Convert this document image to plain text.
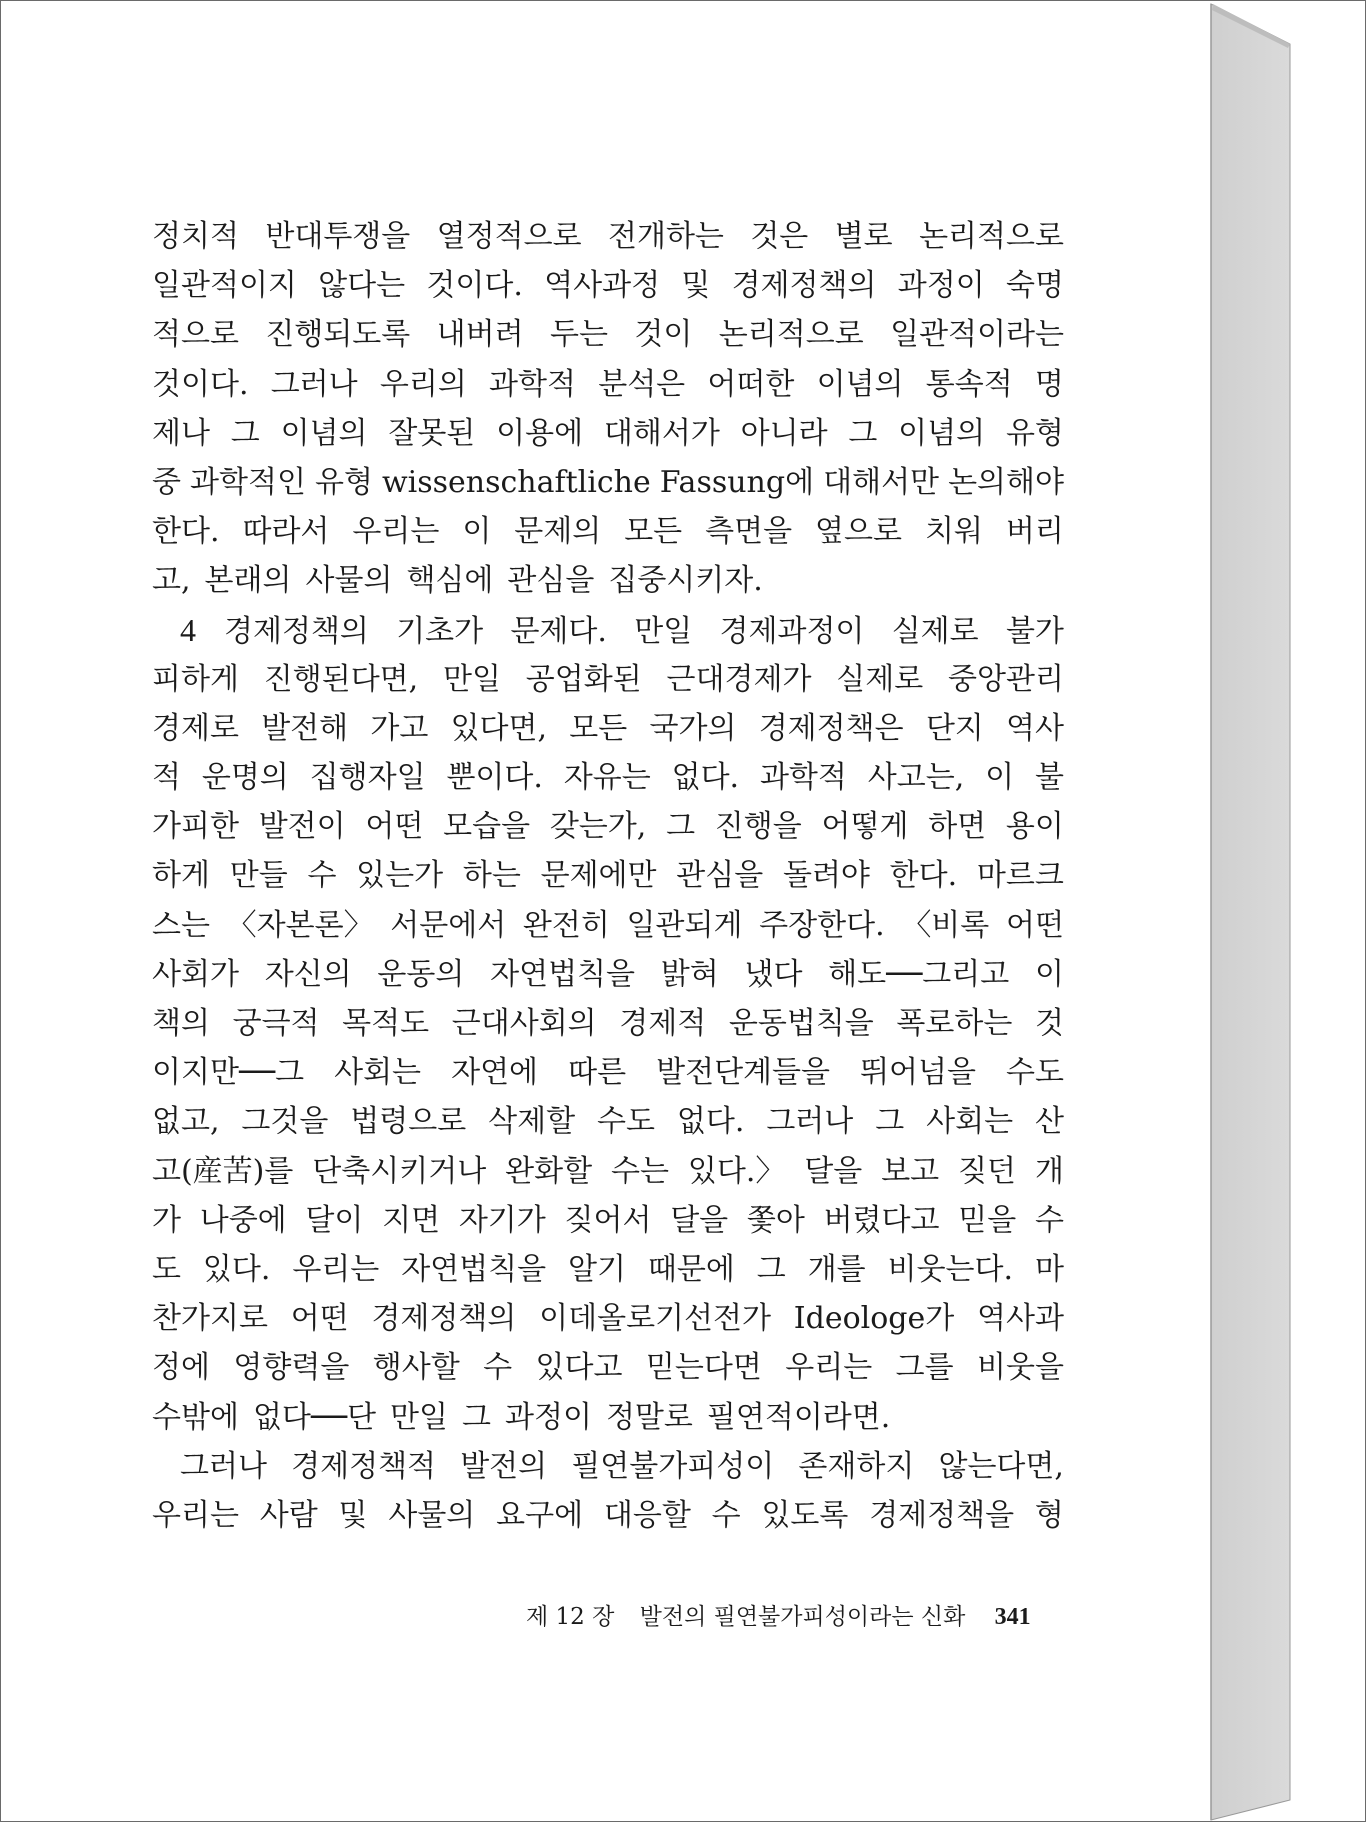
정치적 반대투쟁을 열정적으로 전개하는 것은 별로 논리적으로
일관적이지 않다는 것이다. 역사과정 및 경제정책의 과정이 숙명
적으로 진행되도록 내버려 두는 것이 논리적으로 일관적이라는
것이다. 그러나 우리의 과학적 분석은 어떠한 이념의 통속적 명
제나 그 이념의 잘못된 이용에 대해서가 아니라 그 이념의 유형
중 과학적인 유형 wissenschaftliche Fassung에 대해서만 논의해야
한다. 따라서 우리는 이 문제의 모든 측면을 옆으로 치워 버리
고, 본래의 사물의 핵심에 관심을 집중시키자.
4 경제정책의 기초가 문제다. 만일 경제과정이 실제로 불가
피하게 진행된다면, 만일 공업화된 근대경제가 실제로 중앙관리
경제로 발전해 가고 있다면, 모든 국가의 경제정책은 단지 역사
적 운명의 집행자일 뿐이다. 자유는 없다. 과학적 사고는, 이 불
가피한 발전이 어떤 모습을 갖는가, 그 진행을 어떻게 하면 용이
하게 만들 수 있는가 하는 문제에만 관심을 돌려야 한다. 마르크
스는 〈자본론〉 서문에서 완전히 일관되게 주장한다. 〈비록 어떤
사회가 자신의 운동의 자연법칙을 밝혀 냈다 해도──그리고 이
책의 궁극적 목적도 근대사회의 경제적 운동법칙을 폭로하는 것
이지만──그 사회는 자연에 따른 발전단계들을 뛰어넘을 수도
없고, 그것을 법령으로 삭제할 수도 없다. 그러나 그 사회는 산
고(産苦)를 단축시키거나 완화할 수는 있다.〉 달을 보고 짖던 개
가 나중에 달이 지면 자기가 짖어서 달을 쫓아 버렸다고 믿을 수
도 있다. 우리는 자연법칙을 알기 때문에 그 개를 비웃는다. 마
찬가지로 어떤 경제정책의 이데올로기선전가 Ideologe가 역사과
정에 영향력을 행사할 수 있다고 믿는다면 우리는 그를 비웃을
수밖에 없다──단 만일 그 과정이 정말로 필연적이라면.
그러나 경제정책적 발전의 필연불가피성이 존재하지 않는다면,
우리는 사람 및 사물의 요구에 대응할 수 있도록 경제정책을 형
제 12 장 발전의 필연불가피성이라는 신화 341
